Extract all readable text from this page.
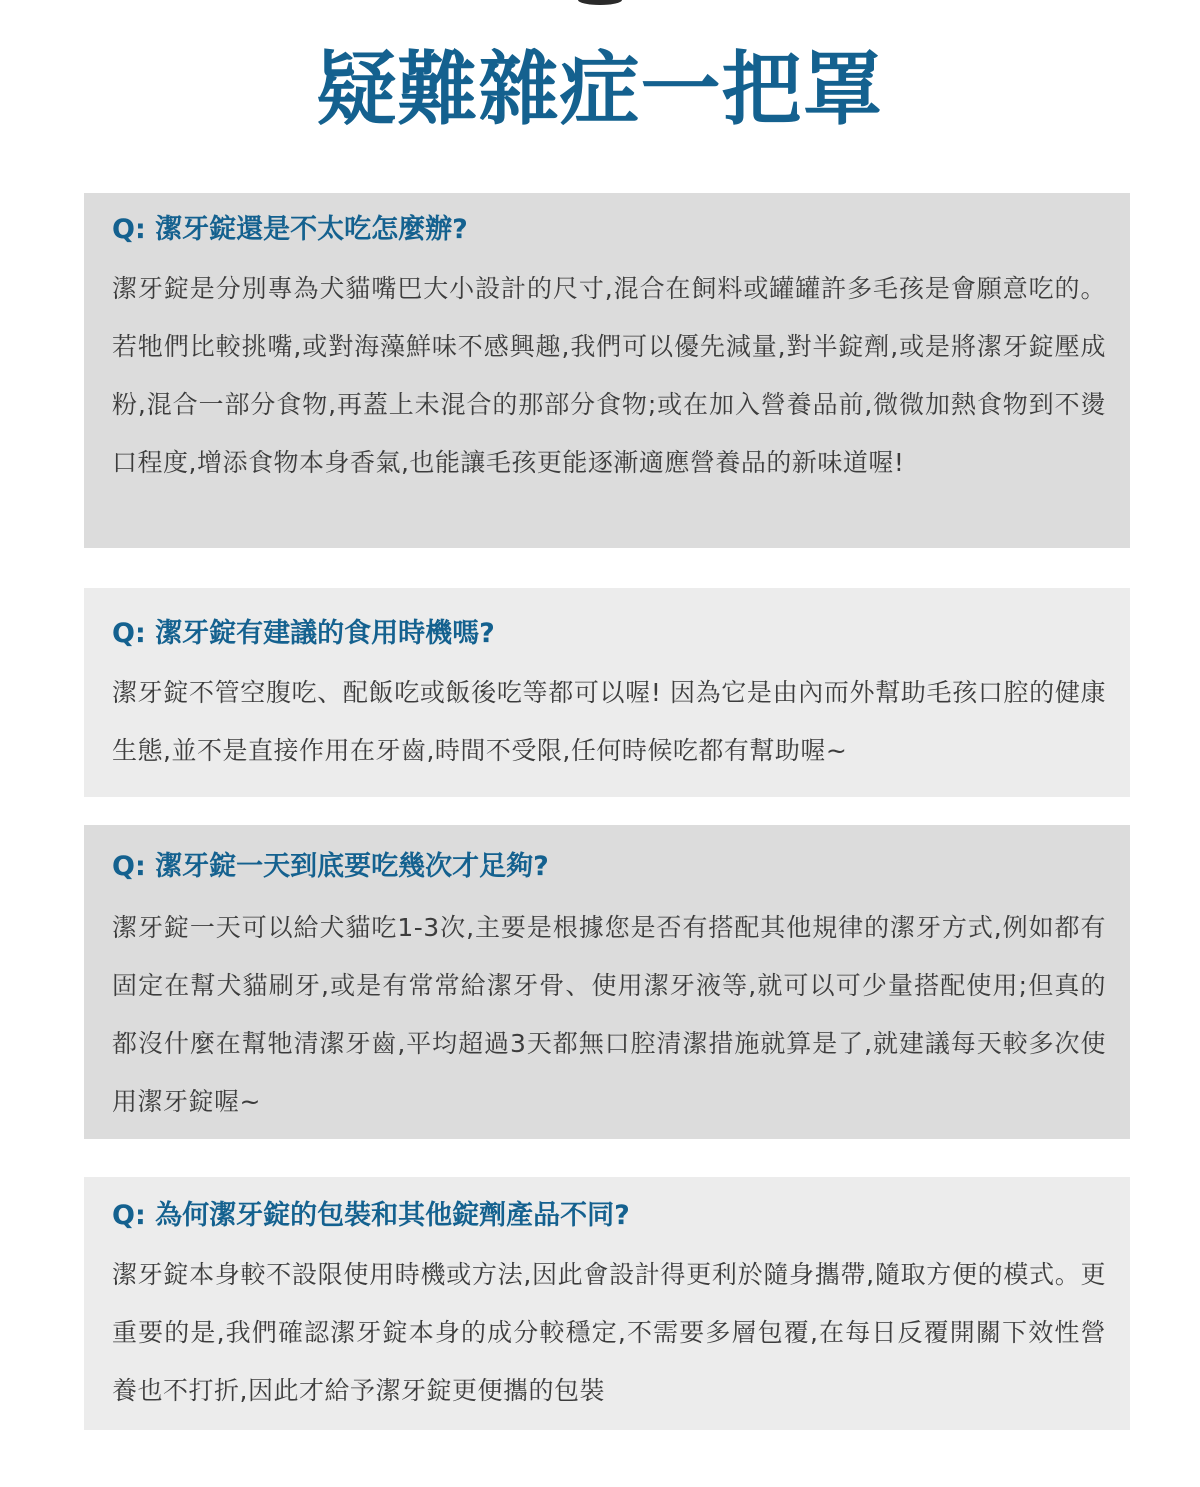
疑難雜症一把罩
Q: 潔牙錠還是不太吃怎麼辦?

潔牙錠是分別專為犬貓嘴巴大小設計的尺寸,混合在飼料或罐罐許多毛孩是會願意吃的。若牠們比較挑嘴,或對海藻鮮味不感興趣,我們可以優先減量,對半錠劑,或是將潔牙錠壓成粉,混合一部分食物,再蓋上未混合的那部分食物;或在加入營養品前,微微加熱食物到不燙口程度,增添食物本身香氣,也能讓毛孩更能逐漸適應營養品的新味道喔!

Q: 潔牙錠有建議的食用時機嗎?

潔牙錠不管空腹吃、配飯吃或飯後吃等都可以喔! 因為它是由內而外幫助毛孩口腔的健康生態,並不是直接作用在牙齒,時間不受限,任何時候吃都有幫助喔~

Q: 潔牙錠一天到底要吃幾次才足夠?

潔牙錠一天可以給犬貓吃1-3次,主要是根據您是否有搭配其他規律的潔牙方式,例如都有固定在幫犬貓刷牙,或是有常常給潔牙骨、使用潔牙液等,就可以可少量搭配使用;但真的都沒什麼在幫牠清潔牙齒,平均超過3天都無口腔清潔措施就算是了,就建議每天較多次使用潔牙錠喔~

Q: 為何潔牙錠的包裝和其他錠劑產品不同?

潔牙錠本身較不設限使用時機或方法,因此會設計得更利於隨身攜帶,隨取方便的模式。更重要的是,我們確認潔牙錠本身的成分較穩定,不需要多層包覆,在每日反覆開關下效性營養也不打折,因此才給予潔牙錠更便攜的包裝
